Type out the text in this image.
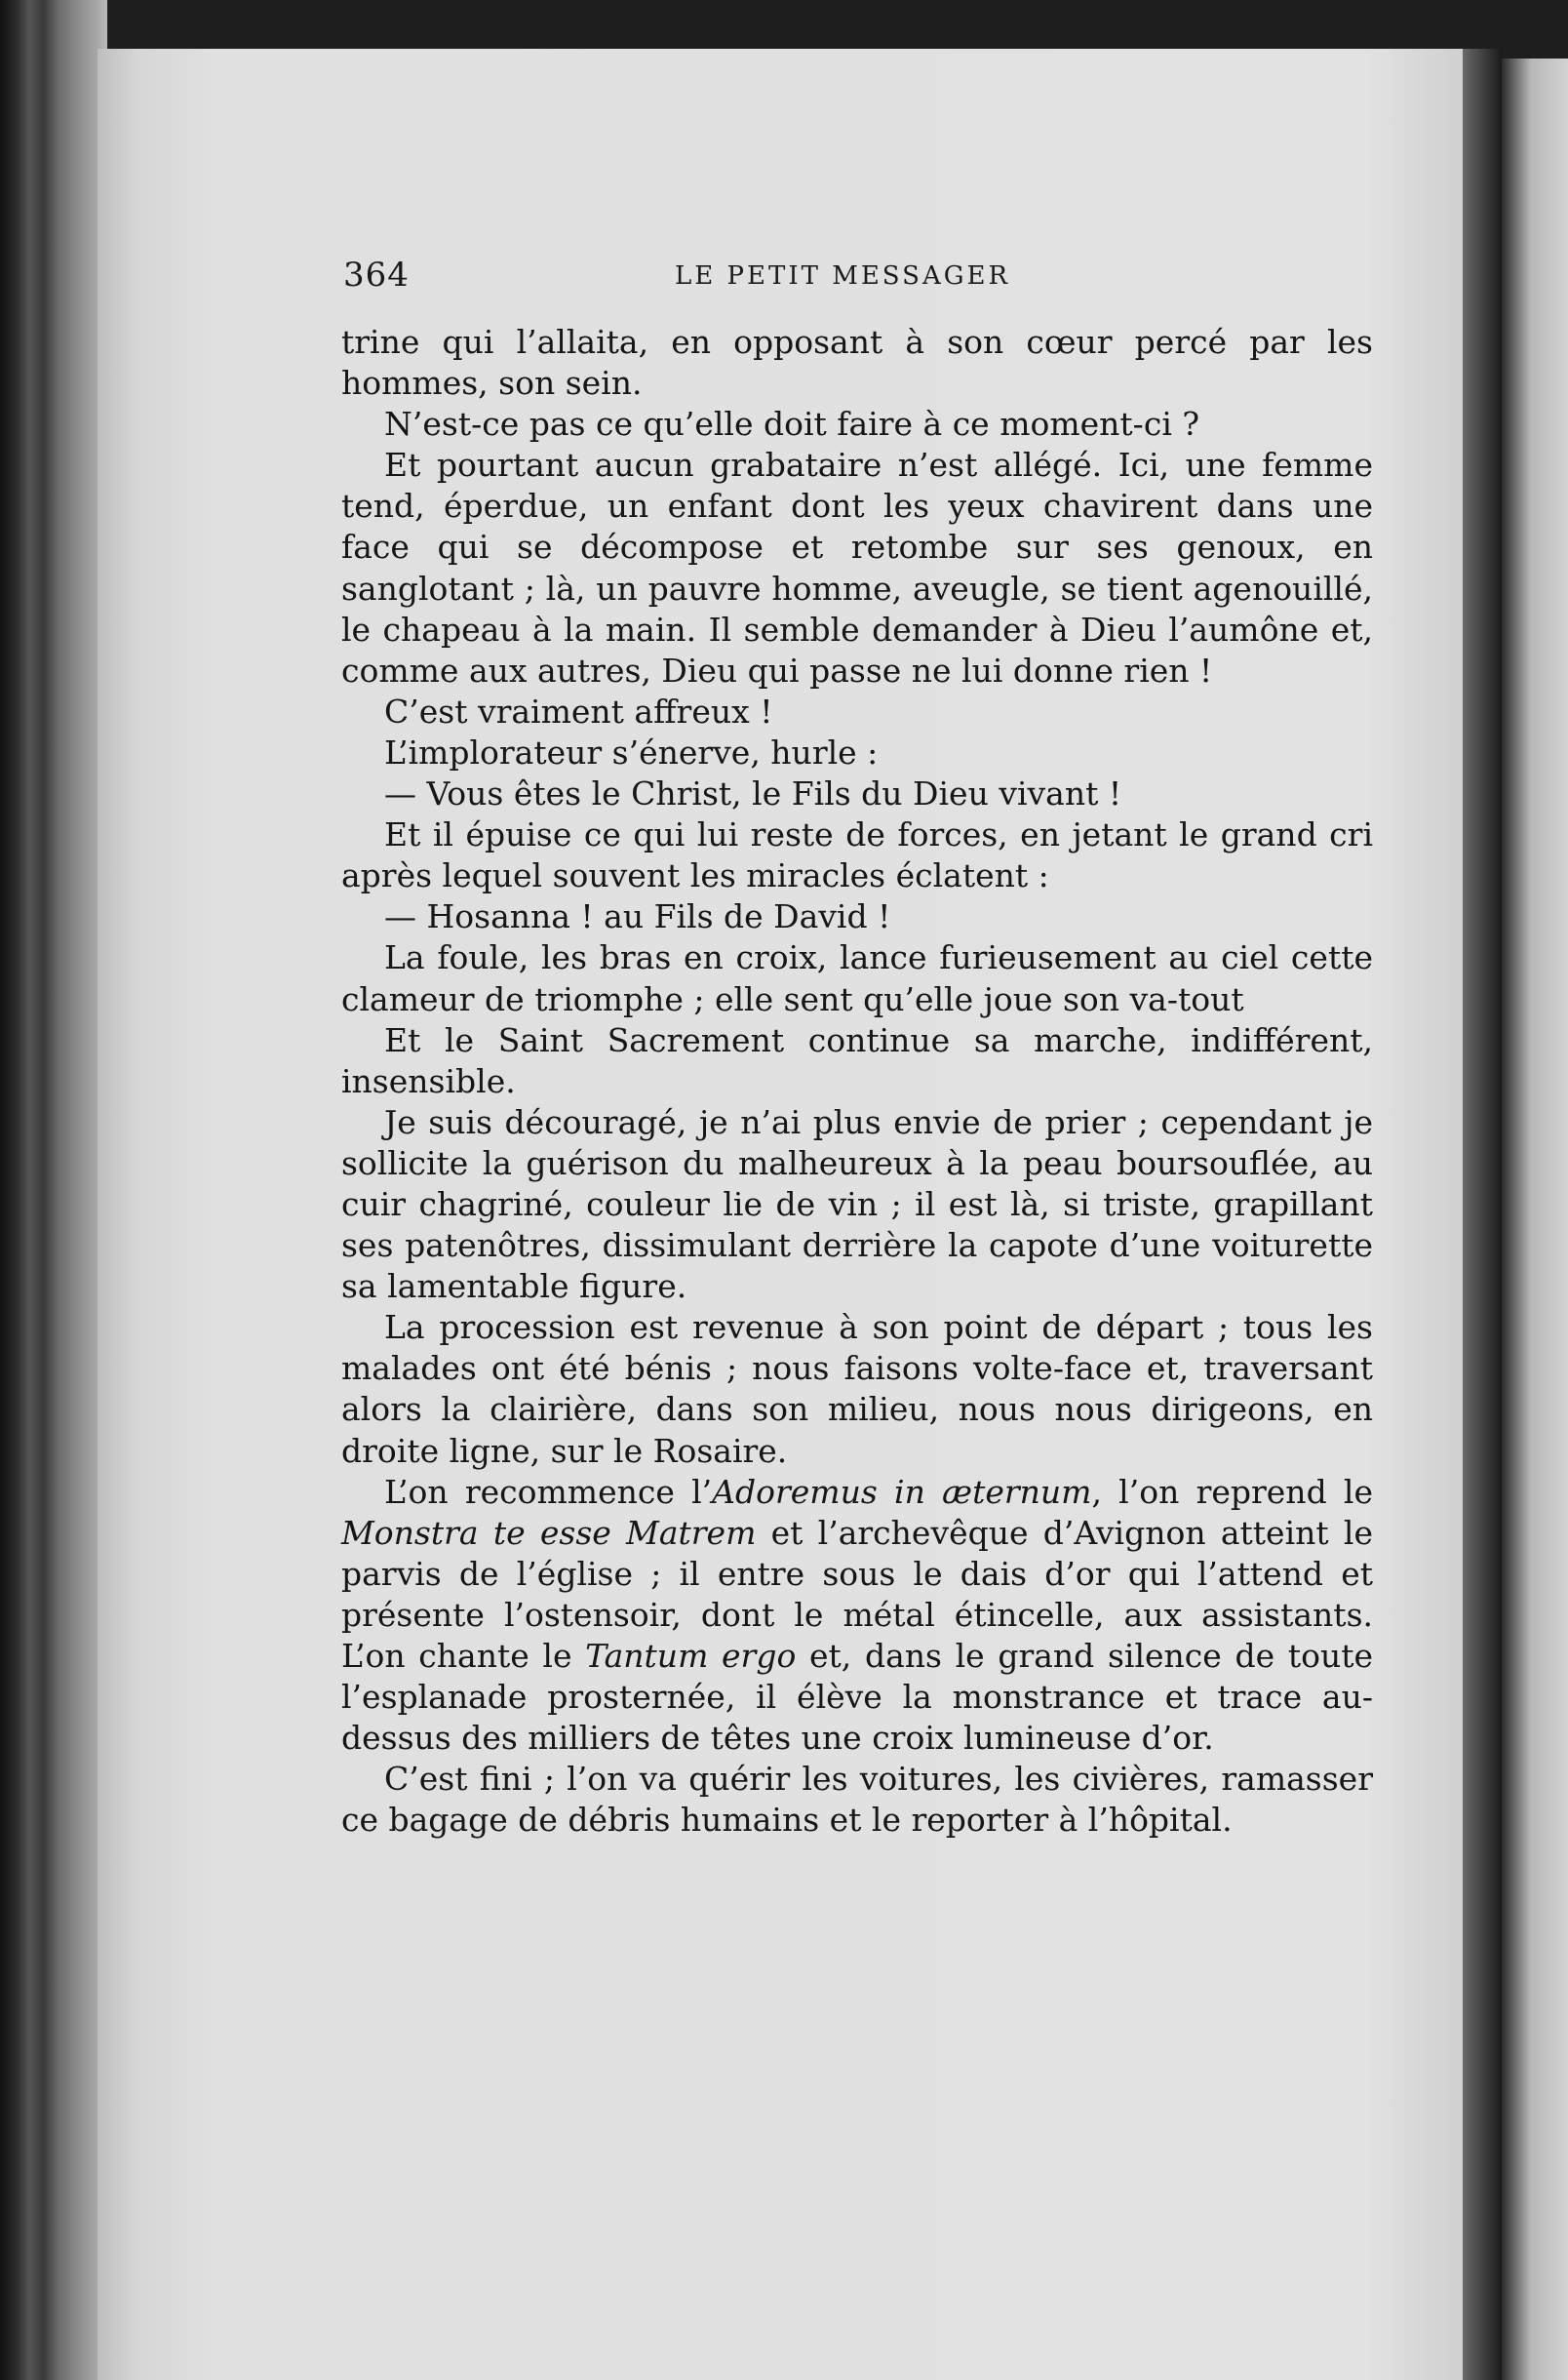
364	LE PETIT MESSAGER

trine qui l’allaita, en opposant à son cœur percé par les hommes, son sein.

N’est-ce pas ce qu’elle doit faire à ce moment-ci ?

Et pourtant aucun grabataire n’est allégé. Ici, une femme tend, éperdue, un enfant dont les yeux chavirent dans une face qui se décompose et retombe sur ses genoux, en sanglotant ; là, un pauvre homme, aveugle, se tient agenouillé, le chapeau à la main. Il semble demander à Dieu l’aumône et, comme aux autres, Dieu qui passe ne lui donne rien !

C’est vraiment affreux !

L’implorateur s’énerve, hurle :

— Vous êtes le Christ, le Fils du Dieu vivant !

Et il épuise ce qui lui reste de forces, en jetant le grand cri après lequel souvent les miracles éclatent :

— Hosanna ! au Fils de David !

La foule, les bras en croix, lance furieusement au ciel cette clameur de triomphe ; elle sent qu’elle joue son va-tout

Et le Saint Sacrement continue sa marche, indifférent, insensible.

Je suis découragé, je n’ai plus envie de prier ; cependant je sollicite la guérison du malheureux à la peau boursouflée, au cuir chagriné, couleur lie de vin ; il est là, si triste, grapillant ses patenôtres, dissimulant derrière la capote d’une voiturette sa lamentable figure.

La procession est revenue à son point de départ ; tous les malades ont été bénis ; nous faisons volte-face et, traversant alors la clairière, dans son milieu, nous nous dirigeons, en droite ligne, sur le Rosaire.

L’on recommence l’Adoremus in æternum, l’on reprend le Monstra te esse Matrem et l’archevêque d’Avignon atteint le parvis de l’église ; il entre sous le dais d’or qui l’attend et présente l’ostensoir, dont le métal étincelle, aux assistants. L’on chante le Tantum ergo et, dans le grand silence de toute l’esplanade prosternée, il élève la monstrance et trace au-dessus des milliers de têtes une croix lumineuse d’or.

C’est fini ; l’on va quérir les voitures, les civières, ramasser ce bagage de débris humains et le reporter à l’hôpital.
